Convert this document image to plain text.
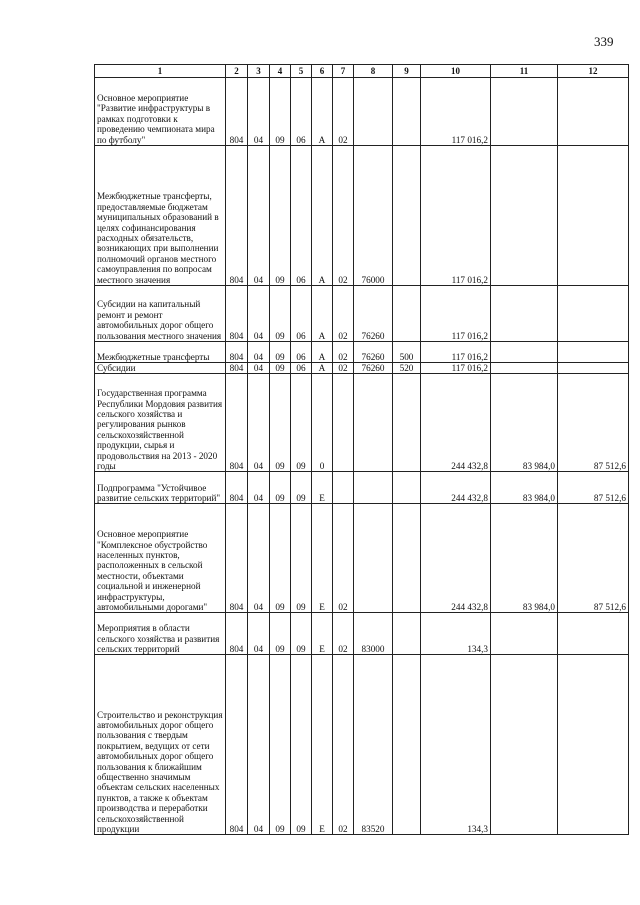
339
1	2	3	4	5	6	7	8	9	10	11	12
Основное мероприятие "Развитие инфраструктуры в рамках подготовки к проведению чемпионата мира по футболу"	804	04	09	06	А	02			117 016,2		
Межбюджетные трансферты, предоставляемые бюджетам муниципальных образований в целях софинансирования расходных обязательств, возникающих при выполнении полномочий органов местного самоуправления по вопросам местного значения	804	04	09	06	А	02	76000		117 016,2		
Субсидии на капитальный ремонт и ремонт автомобильных дорог общего пользования местного значения	804	04	09	06	А	02	76260		117 016,2		
Межбюджетные трансферты	804	04	09	06	А	02	76260	500	117 016,2		
Субсидии	804	04	09	06	А	02	76260	520	117 016,2		
Государственная программа Республики Мордовия развития сельского хозяйства и регулирования рынков сельскохозяйственной продукции, сырья и продовольствия на 2013 - 2020 годы	804	04	09	09	0				244 432,8	83 984,0	87 512,6
Подпрограмма "Устойчивое развитие сельских территорий"	804	04	09	09	Е				244 432,8	83 984,0	87 512,6
Основное мероприятие "Комплексное обустройство населенных пунктов, расположенных в сельской местности, объектами социальной и инженерной инфраструктуры, автомобильными дорогами"	804	04	09	09	Е	02			244 432,8	83 984,0	87 512,6
Мероприятия в области сельского хозяйства и развития сельских территорий	804	04	09	09	Е	02	83000		134,3		
Строительство и реконструкция автомобильных дорог общего пользования с твердым покрытием, ведущих от сети автомобильных дорог общего пользования к ближайшим общественно значимым объектам сельских населенных пунктов, а также к объектам производства и переработки сельскохозяйственной продукции	804	04	09	09	Е	02	83520		134,3		
